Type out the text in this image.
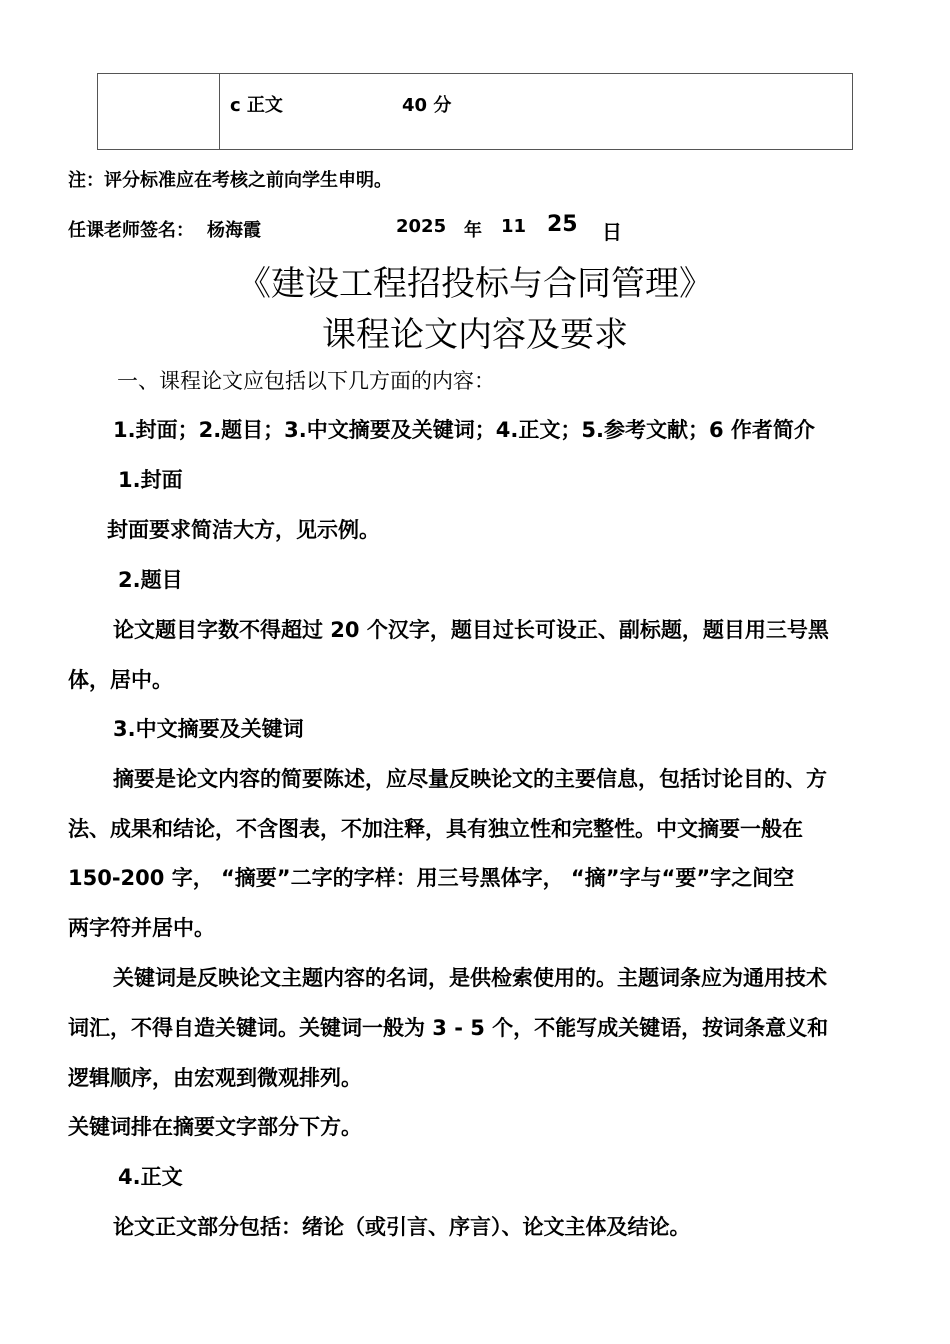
c 正文	40 分
注：评分标准应在考核之前向学生申明。
任课老师签名： 杨海霞	2025 年 11 25 日
《建设工程招投标与合同管理》
课程论文内容及要求
一、课程论文应包括以下几方面的内容：
1.封面；2.题目；3.中文摘要及关键词；4.正文；5.参考文献；6 作者简介
1.封面
封面要求简洁大方，见示例。
2.题目
论文题目字数不得超过 20 个汉字，题目过长可设正、副标题，题目用三号黑
体，居中。
3.中文摘要及关键词
摘要是论文内容的简要陈述，应尽量反映论文的主要信息，包括讨论目的、方
法、成果和结论，不含图表，不加注释，具有独立性和完整性。中文摘要一般在
150-200 字， “摘要”二字的字样：用三号黑体字， “摘”字与“要”字之间空
两字符并居中。
关键词是反映论文主题内容的名词，是供检索使用的。主题词条应为通用技术
词汇，不得自造关键词。关键词一般为 3 - 5 个，不能写成关键语，按词条意义和
逻辑顺序，由宏观到微观排列。
关键词排在摘要文字部分下方。
4.正文
论文正文部分包括：绪论（或引言、序言）、论文主体及结论。
